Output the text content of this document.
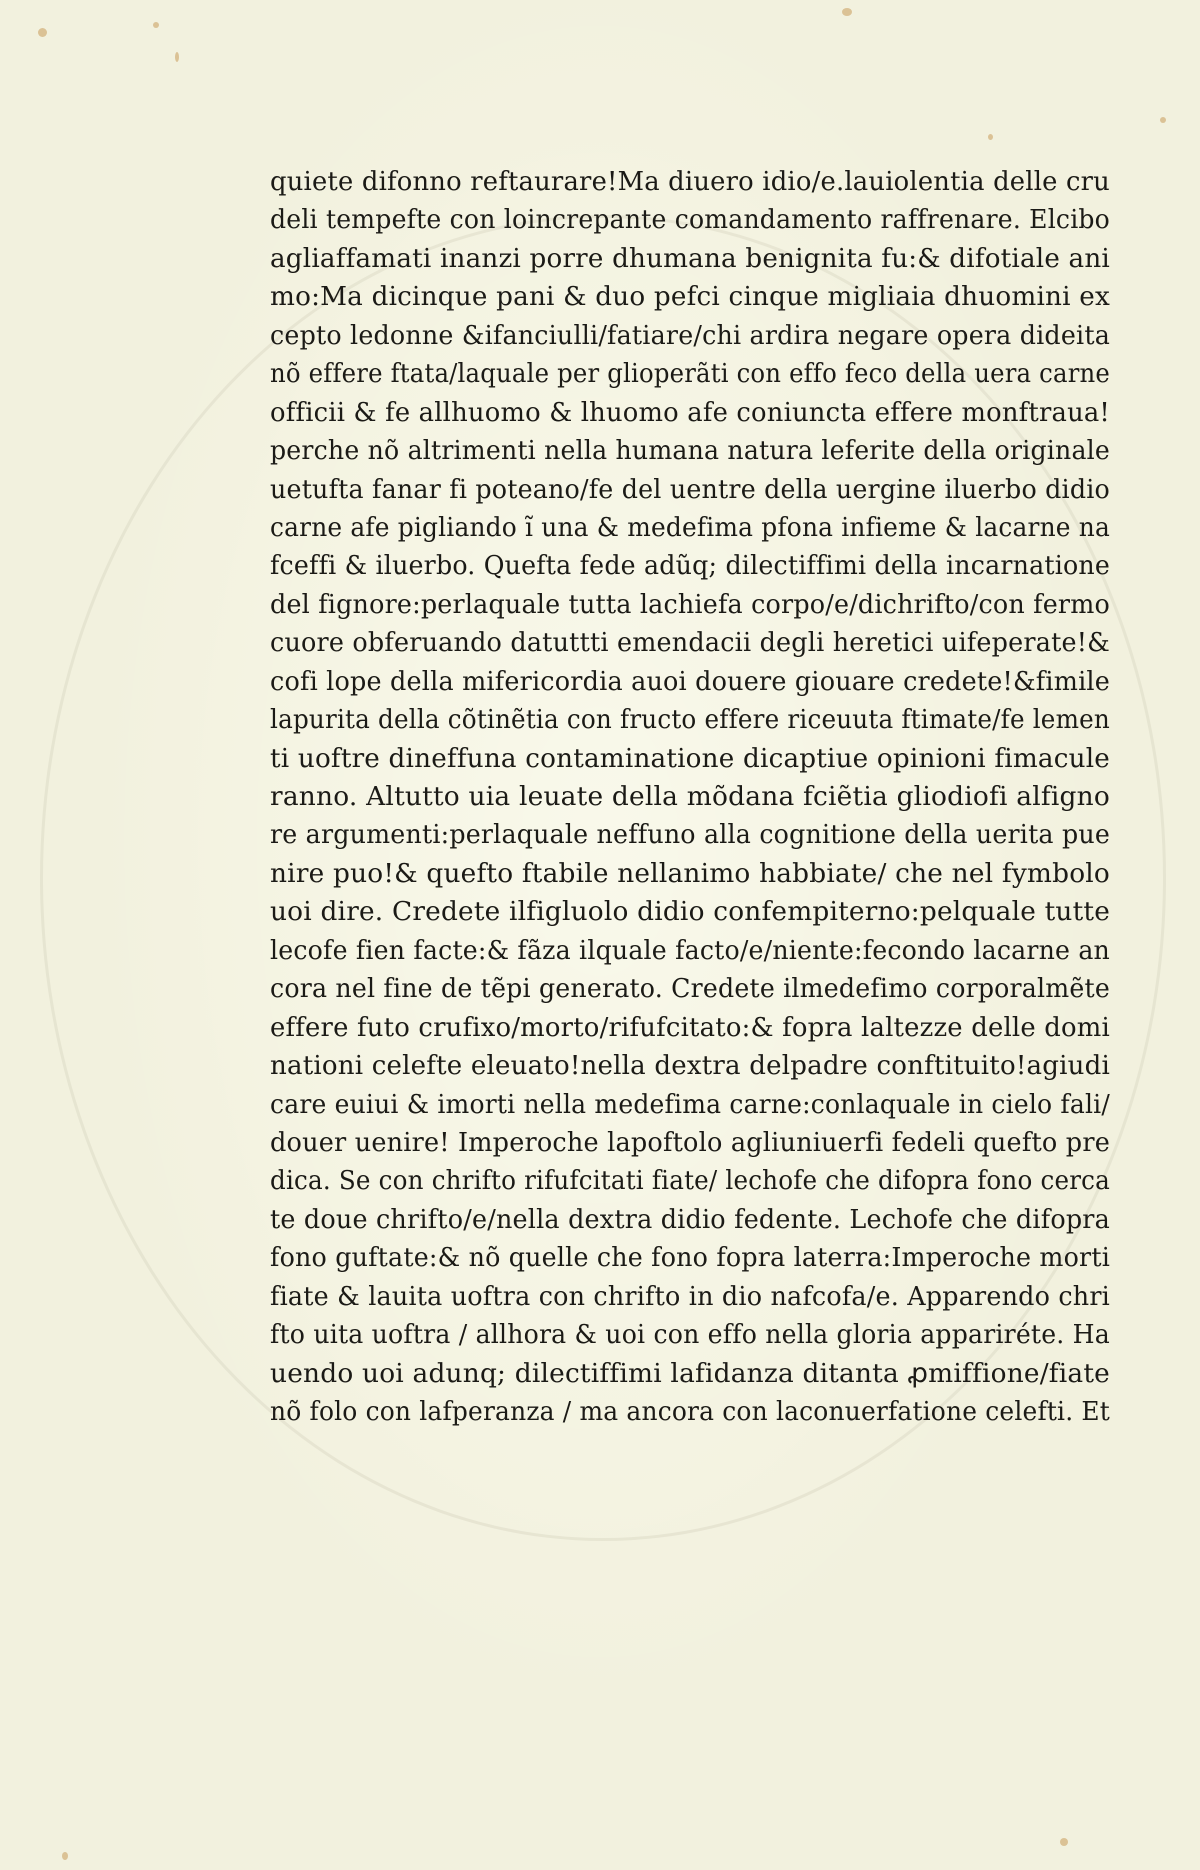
quiete difonno reftaurare!Ma diuero idio/e.lauiolentia delle cru
deli tempefte con loincrepante comandamento raffrenare. Elcibo
agliaffamati inanzi porre dhumana benignita fu:& difotiale ani
mo:Ma dicinque pani & duo pefci cinque migliaia dhuomini ex
cepto ledonne &ifanciulli/fatiare/chi ardira negare opera dideita
nõ effere ftata/laquale per glioperãti con effo feco della uera carne
officii & fe allhuomo & lhuomo afe coniuncta effere monftraua!
perche nõ altrimenti nella humana natura leferite della originale
uetufta fanar fi poteano/fe del uentre della uergine iluerbo didio
carne afe pigliando ĩ una & medefima pfona infieme & lacarne na
fceffi & iluerbo. Quefta fede adũq; dilectiffimi della incarnatione
del fignore:perlaquale tutta lachiefa corpo/e/dichrifto/con fermo
cuore obferuando datuttti emendacii degli heretici uifeperate!&
cofi lope della mifericordia auoi douere giouare credete!&fimile
lapurita della cõtinẽtia con fructo effere riceuuta ftimate/fe lemen
ti uoftre dineffuna contaminatione dicaptiue opinioni fimacule
ranno. Altutto uia leuate della mõdana fciẽtia gliodiofi alfigno
re argumenti:perlaquale neffuno alla cognitione della uerita pue
nire puo!& quefto ftabile nellanimo habbiate/ che nel fymbolo
uoi dire. Credete ilfigluolo didio confempiterno:pelquale tutte
lecofe fien facte:& fãza ilquale facto/e/niente:fecondo lacarne an
cora nel fine de tẽpi generato. Credete ilmedefimo corporalmẽte
effere futo crufixo/morto/rifufcitato:& fopra laltezze delle domi
nationi celefte eleuato!nella dextra delpadre conftituito!agiudi
care euiui & imorti nella medefima carne:conlaquale in cielo fali/
douer uenire! Imperoche lapoftolo agliuniuerfi fedeli quefto pre
dica. Se con chrifto rifufcitati fiate/ lechofe che difopra fono cerca
te doue chrifto/e/nella dextra didio fedente. Lechofe che difopra
fono guftate:& nõ quelle che fono fopra laterra:Imperoche morti
fiate & lauita uoftra con chrifto in dio nafcofa/e. Apparendo chri
fto uita uoftra / allhora & uoi con effo nella gloria appariréte. Ha
uendo uoi adunq; dilectiffimi lafidanza ditanta ꝓmiffione/fiate
nõ folo con lafperanza / ma ancora con laconuerfatione celefti. Et
